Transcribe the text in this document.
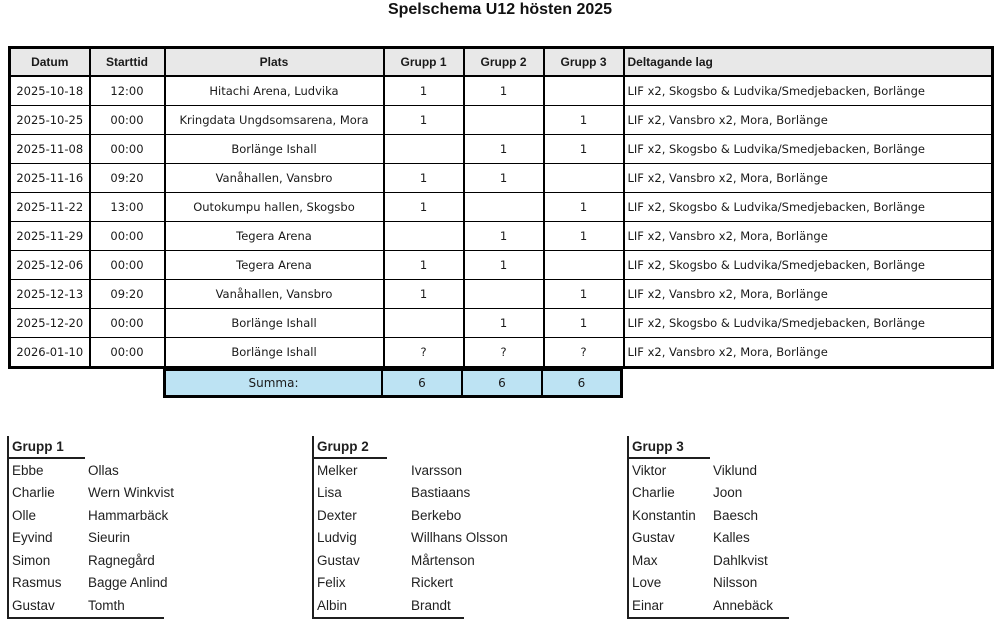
Spelschema U12 hösten 2025
Datum	Starttid	Plats	Grupp 1	Grupp 2	Grupp 3	Deltagande lag
2025-10-18	12:00	Hitachi Arena, Ludvika	1	1		LIF x2, Skogsbo & Ludvika/Smedjebacken, Borlänge
2025-10-25	00:00	Kringdata Ungdsomsarena, Mora	1		1	LIF x2, Vansbro x2, Mora, Borlänge
2025-11-08	00:00	Borlänge Ishall		1	1	LIF x2, Skogsbo & Ludvika/Smedjebacken, Borlänge
2025-11-16	09:20	Vanåhallen, Vansbro	1	1		LIF x2, Vansbro x2, Mora, Borlänge
2025-11-22	13:00	Outokumpu hallen, Skogsbo	1		1	LIF x2, Skogsbo & Ludvika/Smedjebacken, Borlänge
2025-11-29	00:00	Tegera Arena		1	1	LIF x2, Vansbro x2, Mora, Borlänge
2025-12-06	00:00	Tegera Arena	1	1		LIF x2, Skogsbo & Ludvika/Smedjebacken, Borlänge
2025-12-13	09:20	Vanåhallen, Vansbro	1		1	LIF x2, Vansbro x2, Mora, Borlänge
2025-12-20	00:00	Borlänge Ishall		1	1	LIF x2, Skogsbo & Ludvika/Smedjebacken, Borlänge
2026-01-10	00:00	Borlänge Ishall	?	?	?	LIF x2, Vansbro x2, Mora, Borlänge
Summa:	6	6	6
Grupp 1
Ebbe	Ollas
Charlie	Wern Winkvist
Olle	Hammarbäck
Eyvind	Sieurin
Simon	Ragnegård
Rasmus	Bagge Anlind
Gustav	Tomth
Grupp 2
Melker	Ivarsson
Lisa	Bastiaans
Dexter	Berkebo
Ludvig	Willhans Olsson
Gustav	Mårtenson
Felix	Rickert
Albin	Brandt
Grupp 3
Viktor	Viklund
Charlie	Joon
Konstantin	Baesch
Gustav	Kalles
Max	Dahlkvist
Love	Nilsson
Einar	Annebäck
